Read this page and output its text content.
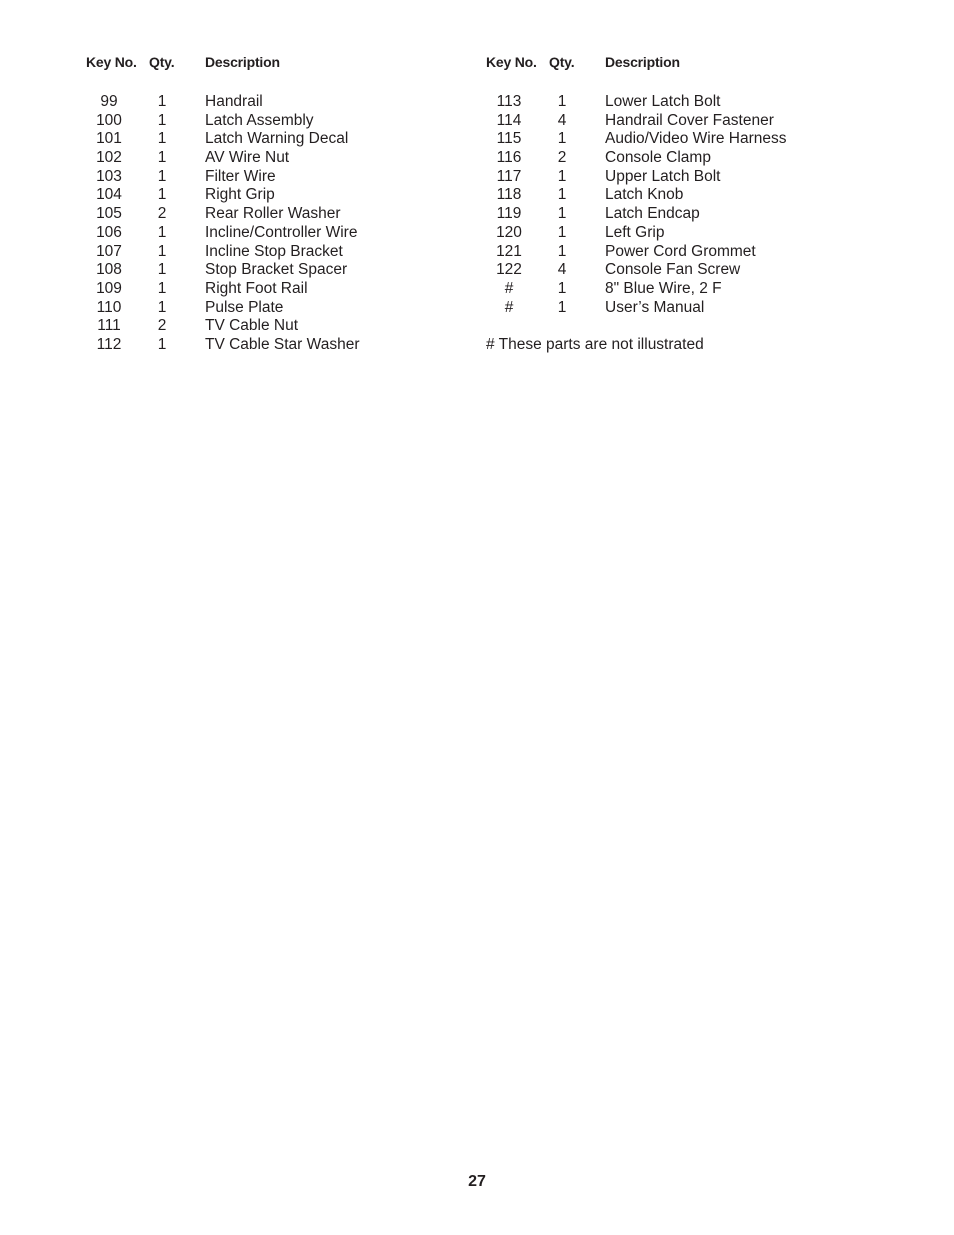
Key No. Qty. Description
99	1	Handrail
100	1	Latch Assembly
101	1	Latch Warning Decal
102	1	AV Wire Nut
103	1	Filter Wire
104	1	Right Grip
105	2	Rear Roller Washer
106	1	Incline/Controller Wire
107	1	Incline Stop Bracket
108	1	Stop Bracket Spacer
109	1	Right Foot Rail
110	1	Pulse Plate
111	2	TV Cable Nut
112	1	TV Cable Star Washer
Key No. Qty. Description
113	1	Lower Latch Bolt
114	4	Handrail Cover Fastener
115	1	Audio/Video Wire Harness
116	2	Console Clamp
117	1	Upper Latch Bolt
118	1	Latch Knob
119	1	Latch Endcap
120	1	Left Grip
121	1	Power Cord Grommet
122	4	Console Fan Screw
#	1	8" Blue Wire, 2 F
#	1	User’s Manual
# These parts are not illustrated
27
